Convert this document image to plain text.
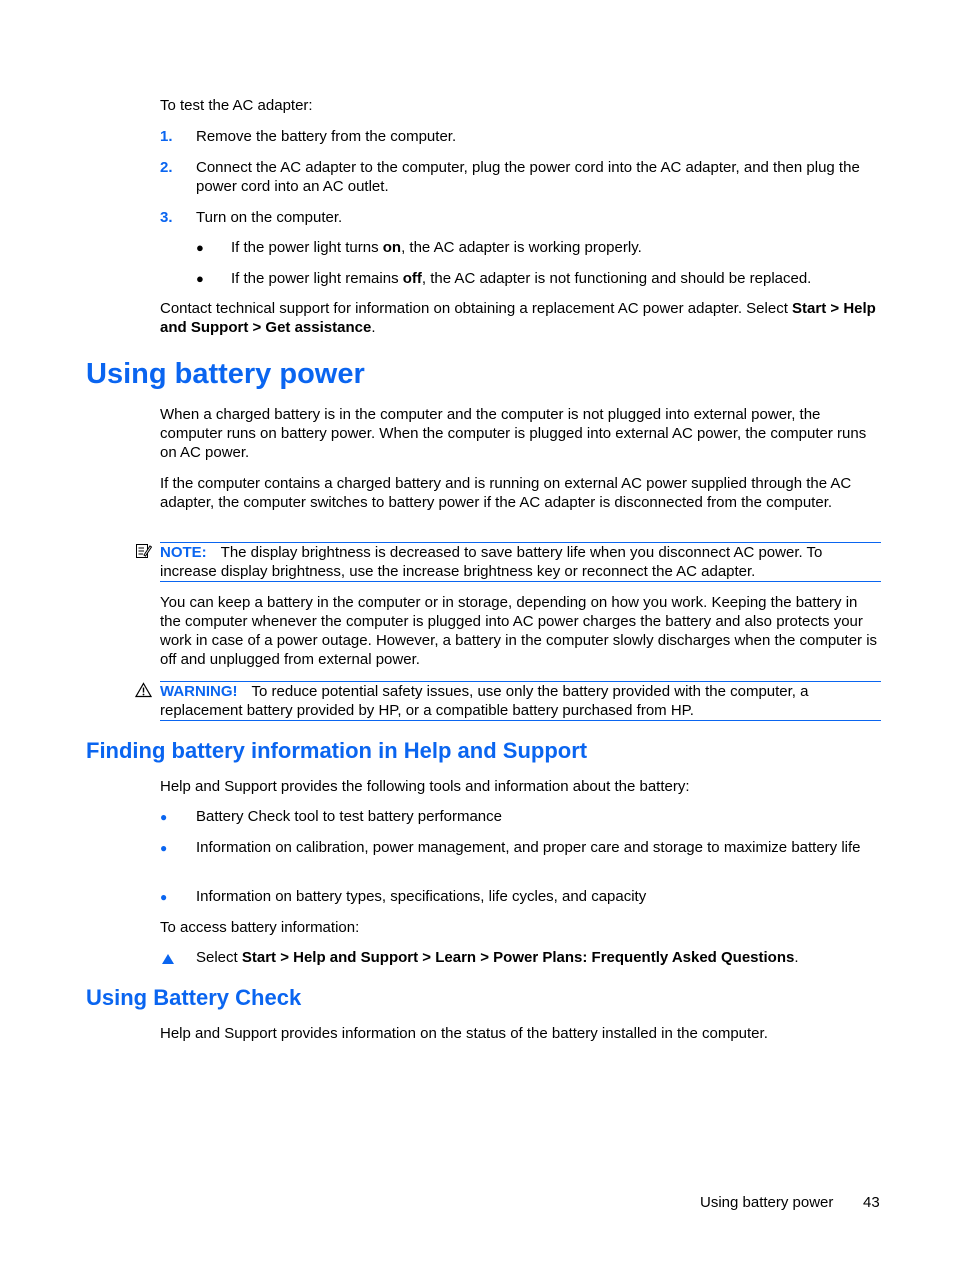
To test the AC adapter:
1. Remove the battery from the computer.
2. Connect the AC adapter to the computer, plug the power cord into the AC adapter, and then plug the power cord into an AC outlet.
3. Turn on the computer.
● If the power light turns on, the AC adapter is working properly.
● If the power light remains off, the AC adapter is not functioning and should be replaced.
Contact technical support for information on obtaining a replacement AC power adapter. Select Start > Help and Support > Get assistance.
Using battery power
When a charged battery is in the computer and the computer is not plugged into external power, the computer runs on battery power. When the computer is plugged into external AC power, the computer runs on AC power.
If the computer contains a charged battery and is running on external AC power supplied through the AC adapter, the computer switches to battery power if the AC adapter is disconnected from the computer.
NOTE: The display brightness is decreased to save battery life when you disconnect AC power. To increase display brightness, use the increase brightness key or reconnect the AC adapter.
You can keep a battery in the computer or in storage, depending on how you work. Keeping the battery in the computer whenever the computer is plugged into AC power charges the battery and also protects your work in case of a power outage. However, a battery in the computer slowly discharges when the computer is off and unplugged from external power.
WARNING! To reduce potential safety issues, use only the battery provided with the computer, a replacement battery provided by HP, or a compatible battery purchased from HP.
Finding battery information in Help and Support
Help and Support provides the following tools and information about the battery:
● Battery Check tool to test battery performance
● Information on calibration, power management, and proper care and storage to maximize battery life
● Information on battery types, specifications, life cycles, and capacity
To access battery information:
Select Start > Help and Support > Learn > Power Plans: Frequently Asked Questions.
Using Battery Check
Help and Support provides information on the status of the battery installed in the computer.
Using battery power 43
